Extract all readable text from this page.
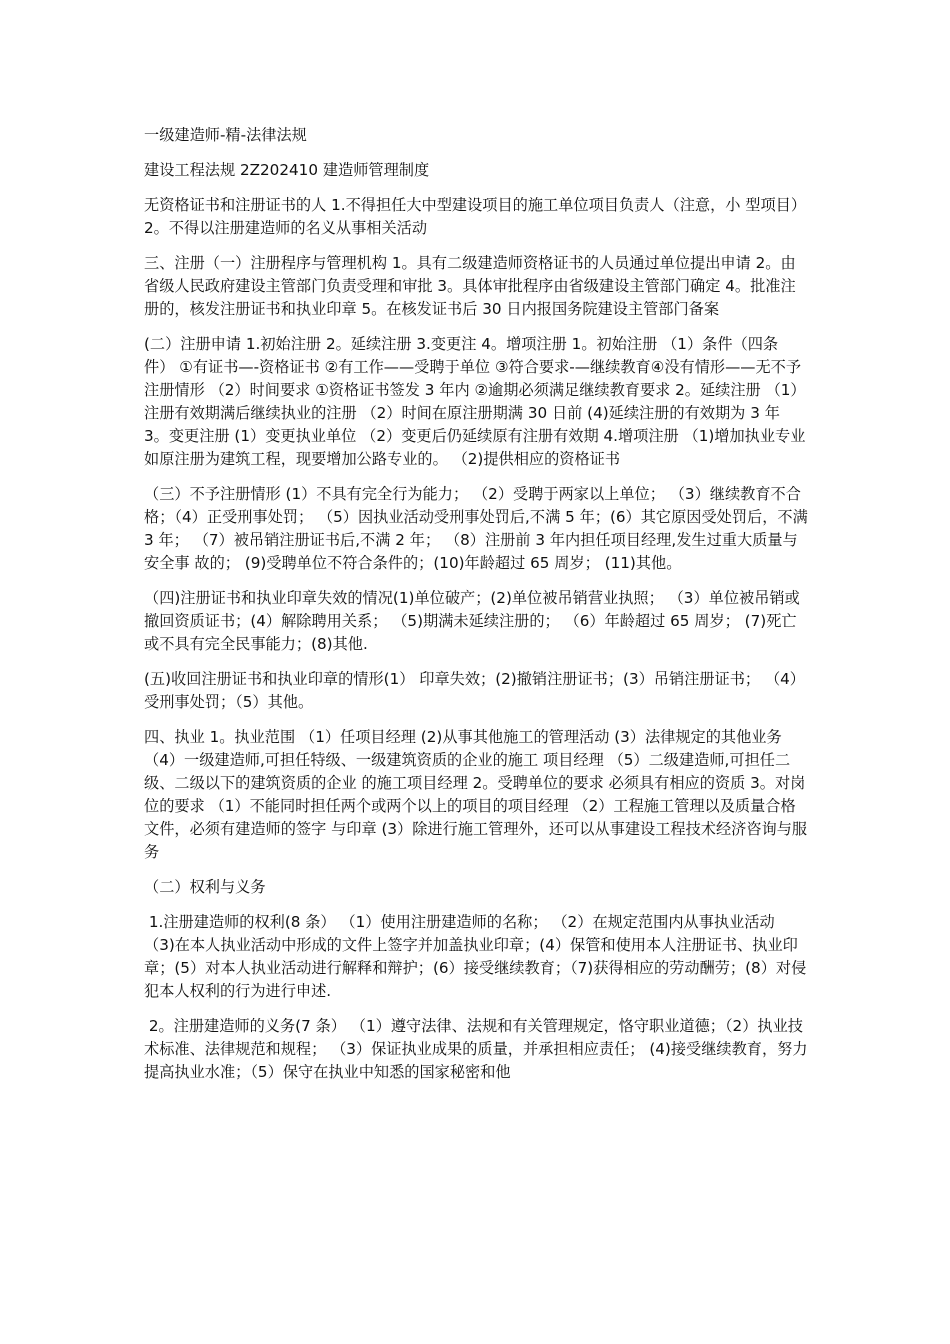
一级建造师-精-法律法规

建设工程法规 2Z202410 建造师管理制度

无资格证书和注册证书的人 1.不得担任大中型建设项目的施工单位项目负责人（注意，小 型项目）2。不得以注册建造师的名义从事相关活动

三、注册（一）注册程序与管理机构 1。具有二级建造师资格证书的人员通过单位提出申请 2。由省级人民政府建设主管部门负责受理和审批 3。具体审批程序由省级建设主管部门确定 4。批准注册的，核发注册证书和执业印章 5。在核发证书后 30 日内报国务院建设主管部门备案

(二）注册申请 1.初始注册 2。延续注册 3.变更注 4。增项注册 1。初始注册 （1）条件（四条件） ①有证书—-资格证书 ②有工作——受聘于单位 ③符合要求-—继续教育④没有情形——无不予注册情形 （2）时间要求 ①资格证书签发 3 年内 ②逾期必须满足继续教育要求 2。延续注册 （1）注册有效期满后继续执业的注册 （2）时间在原注册期满 30 日前 (4)延续注册的有效期为 3 年 3。变更注册 (1）变更执业单位 （2）变更后仍延续原有注册有效期 4.增项注册 （1)增加执业专业 如原注册为建筑工程，现要增加公路专业的。 （2)提供相应的资格证书

（三）不予注册情形 (1）不具有完全行为能力； （2）受聘于两家以上单位； （3）继续教育不合格；（4）正受刑事处罚； （5）因执业活动受刑事处罚后,不满 5 年；(6）其它原因受处罚后，不满 3 年； （7）被吊销注册证书后,不满 2 年； （8）注册前 3 年内担任项目经理,发生过重大质量与安全事 故的； (9)受聘单位不符合条件的；(10)年龄超过 65 周岁； (11)其他。

（四)注册证书和执业印章失效的情况(1)单位破产；(2)单位被吊销营业执照； （3）单位被吊销或撤回资质证书；(4）解除聘用关系； （5)期满未延续注册的； （6）年龄超过 65 周岁； (7)死亡或不具有完全民事能力；(8)其他.

(五)收回注册证书和执业印章的情形(1） 印章失效；(2)撤销注册证书；(3）吊销注册证书； （4）受刑事处罚；（5）其他。

四、执业 1。执业范围 （1）任项目经理 (2)从事其他施工的管理活动 (3）法律规定的其他业务 （4）一级建造师,可担任特级、一级建筑资质的企业的施工 项目经理 （5）二级建造师,可担任二级、二级以下的建筑资质的企业 的施工项目经理 2。受聘单位的要求 必须具有相应的资质 3。对岗位的要求 （1）不能同时担任两个或两个以上的项目的项目经理 （2）工程施工管理以及质量合格文件，必须有建造师的签字 与印章 (3）除进行施工管理外，还可以从事建设工程技术经济咨询与服务

（二）权利与义务

1.注册建造师的权利(8 条） （1）使用注册建造师的名称； （2）在规定范围内从事执业活动 （3)在本人执业活动中形成的文件上签字并加盖执业印章；(4）保管和使用本人注册证书、执业印章；(5）对本人执业活动进行解释和辩护；(6）接受继续教育；（7)获得相应的劳动酬劳；(8）对侵犯本人权利的行为进行申述.

2。注册建造师的义务(7 条） （1）遵守法律、法规和有关管理规定，恪守职业道德；（2）执业技术标准、法律规范和规程； （3）保证执业成果的质量，并承担相应责任； (4)接受继续教育，努力提高执业水准；（5）保守在执业中知悉的国家秘密和他
